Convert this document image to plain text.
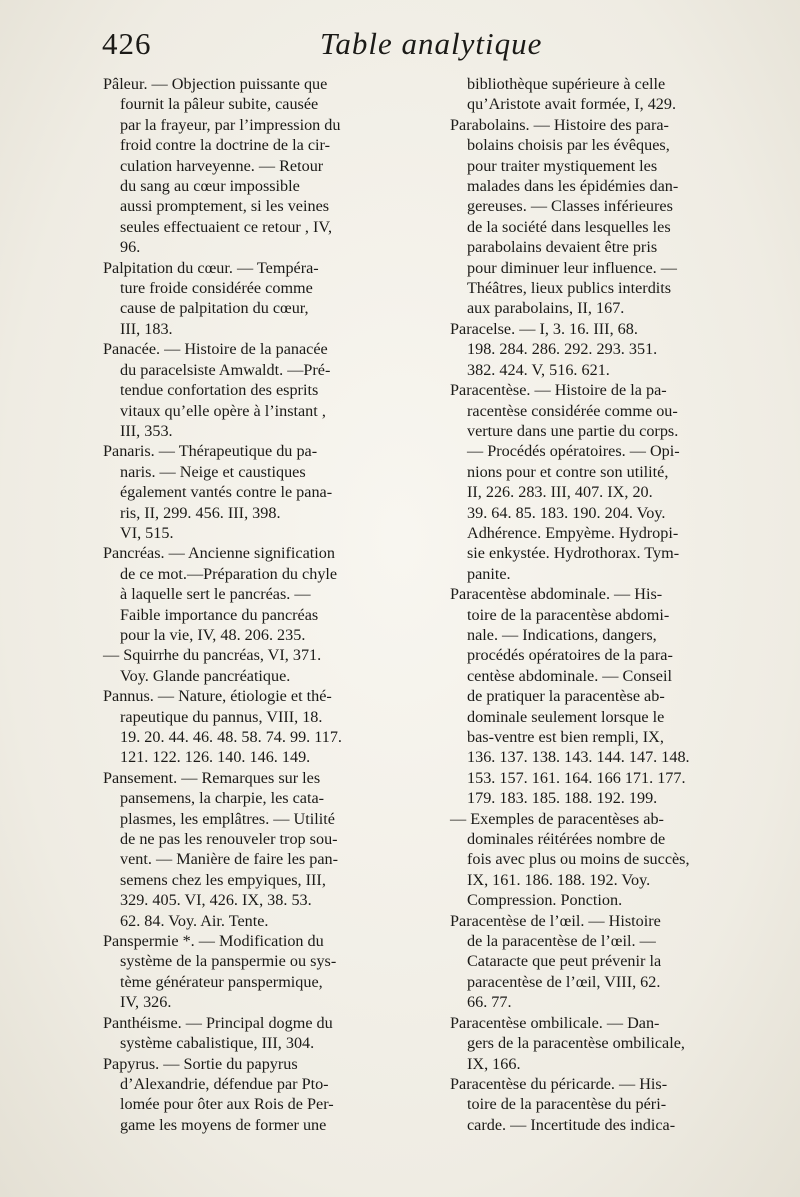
426	Table analytique
Pâleur. — Objection puissante que
fournit la pâleur subite, causée
par la frayeur, par l’impression du
froid contre la doctrine de la cir-
culation harveyenne. — Retour
du sang au cœur impossible
aussi promptement, si les veines
seules effectuaient ce retour , IV,
96.
Palpitation du cœur. — Tempéra-
ture froide considérée comme
cause de palpitation du cœur,
III, 183.
Panacée. — Histoire de la panacée
du paracelsiste Amwaldt. —Pré-
tendue confortation des esprits
vitaux qu’elle opère à l’instant ,
III, 353.
Panaris. — Thérapeutique du pa-
naris. — Neige et caustiques
également vantés contre le pana-
ris, II, 299. 456. III, 398.
VI, 515.
Pancréas. — Ancienne signification
de ce mot.—Préparation du chyle
à laquelle sert le pancréas. —
Faible importance du pancréas
pour la vie, IV, 48. 206. 235.
— Squirrhe du pancréas, VI, 371.
Voy. Glande pancréatique.
Pannus. — Nature, étiologie et thé-
rapeutique du pannus, VIII, 18.
19. 20. 44. 46. 48. 58. 74. 99. 117.
121. 122. 126. 140. 146. 149.
Pansement. — Remarques sur les
pansemens, la charpie, les cata-
plasmes, les emplâtres. — Utilité
de ne pas les renouveler trop sou-
vent. — Manière de faire les pan-
semens chez les empyiques, III,
329. 405. VI, 426. IX, 38. 53.
62. 84. Voy. Air. Tente.
Panspermie *. — Modification du
système de la panspermie ou sys-
tème générateur panspermique,
IV, 326.
Panthéisme. — Principal dogme du
système cabalistique, III, 304.
Papyrus. — Sortie du papyrus
d’Alexandrie, défendue par Pto-
lomée pour ôter aux Rois de Per-
game les moyens de former une
bibliothèque supérieure à celle
qu’Aristote avait formée, I, 429.
Parabolains. — Histoire des para-
bolains choisis par les évêques,
pour traiter mystiquement les
malades dans les épidémies dan-
gereuses. — Classes inférieures
de la société dans lesquelles les
parabolains devaient être pris
pour diminuer leur influence. —
Théâtres, lieux publics interdits
aux parabolains, II, 167.
Paracelse. — I, 3. 16. III, 68.
198. 284. 286. 292. 293. 351.
382. 424. V, 516. 621.
Paracentèse. — Histoire de la pa-
racentèse considérée comme ou-
verture dans une partie du corps.
— Procédés opératoires. — Opi-
nions pour et contre son utilité,
II, 226. 283. III, 407. IX, 20.
39. 64. 85. 183. 190. 204. Voy.
Adhérence. Empyème. Hydropi-
sie enkystée. Hydrothorax. Tym-
panite.
Paracentèse abdominale. — His-
toire de la paracentèse abdomi-
nale. — Indications, dangers,
procédés opératoires de la para-
centèse abdominale. — Conseil
de pratiquer la paracentèse ab-
dominale seulement lorsque le
bas-ventre est bien rempli, IX,
136. 137. 138. 143. 144. 147. 148.
153. 157. 161. 164. 166 171. 177.
179. 183. 185. 188. 192. 199.
— Exemples de paracentèses ab-
dominales réitérées nombre de
fois avec plus ou moins de succès,
IX, 161. 186. 188. 192. Voy.
Compression. Ponction.
Paracentèse de l’œil. — Histoire
de la paracentèse de l’œil. —
Cataracte que peut prévenir la
paracentèse de l’œil, VIII, 62.
66. 77.
Paracentèse ombilicale. — Dan-
gers de la paracentèse ombilicale,
IX, 166.
Paracentèse du péricarde. — His-
toire de la paracentèse du péri-
carde. — Incertitude des indica-
